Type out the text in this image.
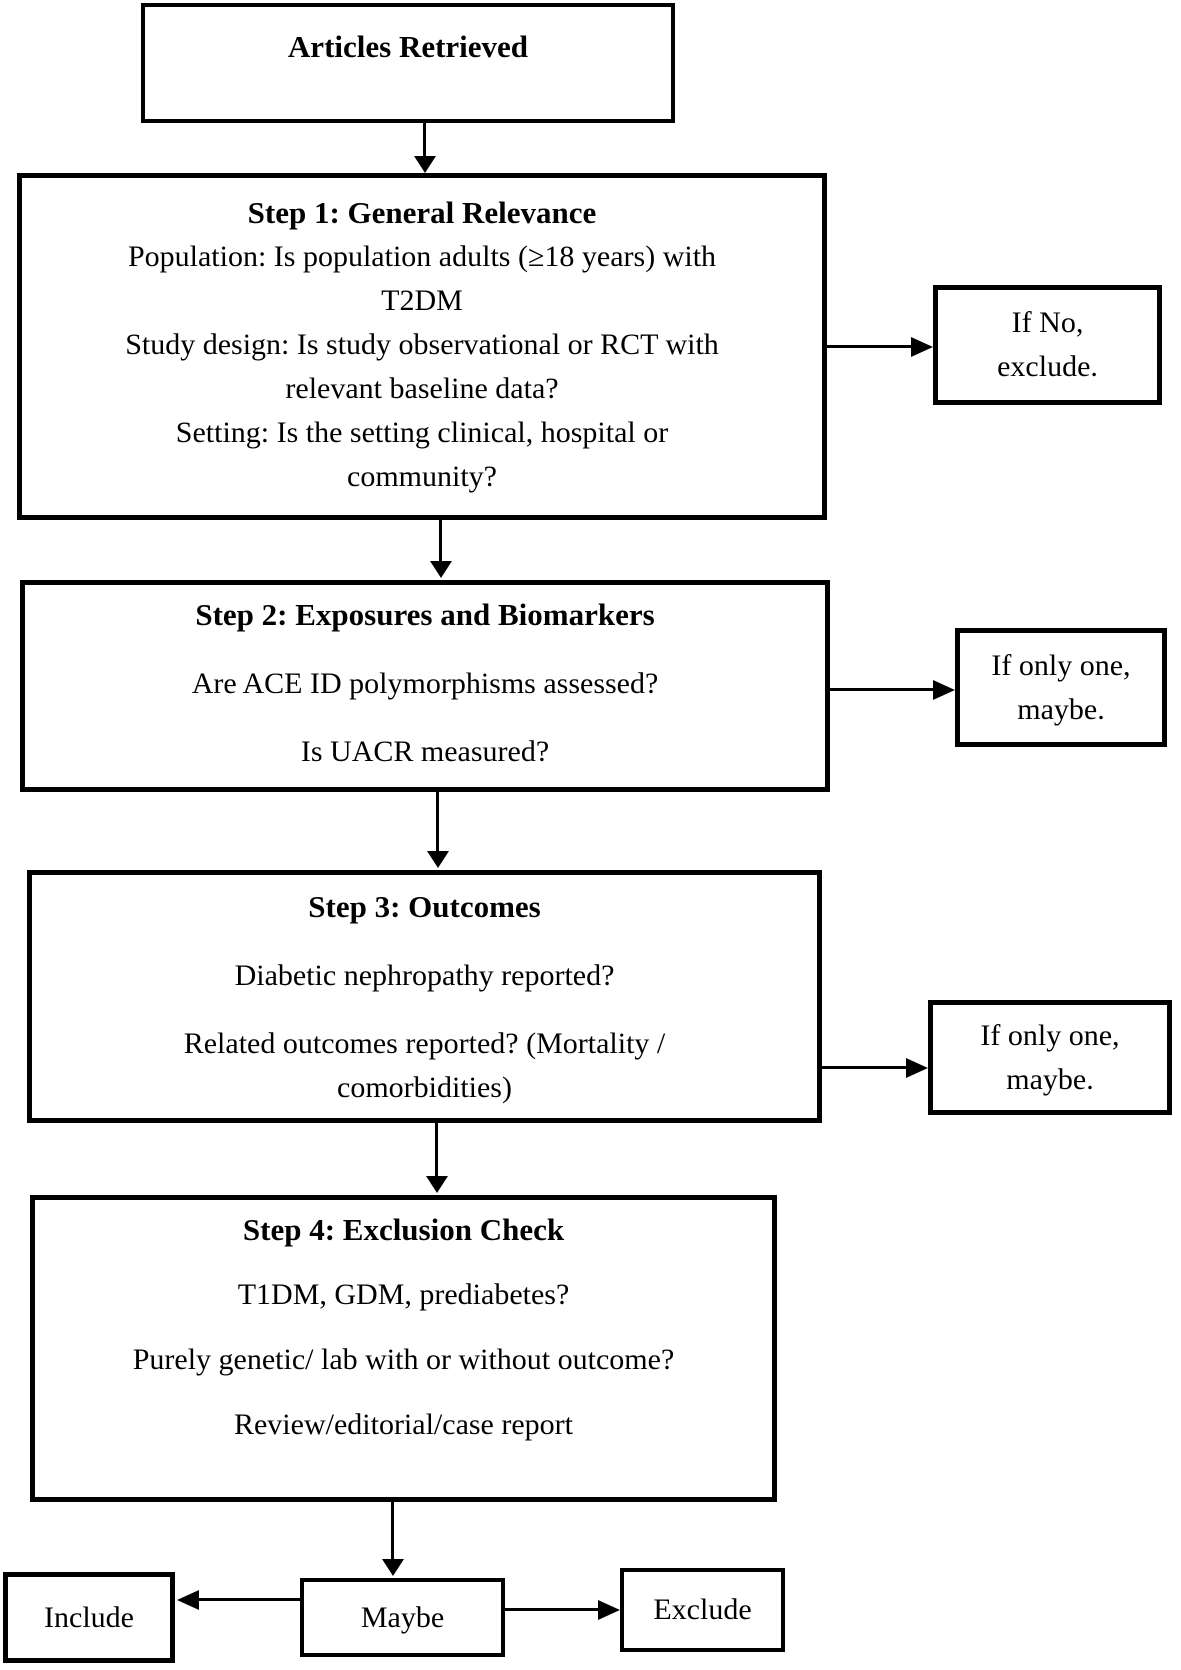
Articles Retrieved
Step 1: General Relevance
Population: Is population adults (≥18 years) with
T2DM
Study design: Is study observational or RCT with
relevant baseline data?
Setting: Is the setting clinical, hospital or
community?
If No,
exclude.
Step 2: Exposures and Biomarkers
Are ACE ID polymorphisms assessed?
Is UACR measured?
If only one,
maybe.
Step 3: Outcomes
Diabetic nephropathy reported?
Related outcomes reported? (Mortality /
comorbidities)
If only one,
maybe.
Step 4: Exclusion Check
T1DM, GDM, prediabetes?
Purely genetic/ lab with or without outcome?
Review/editorial/case report
Include	Maybe	Exclude
